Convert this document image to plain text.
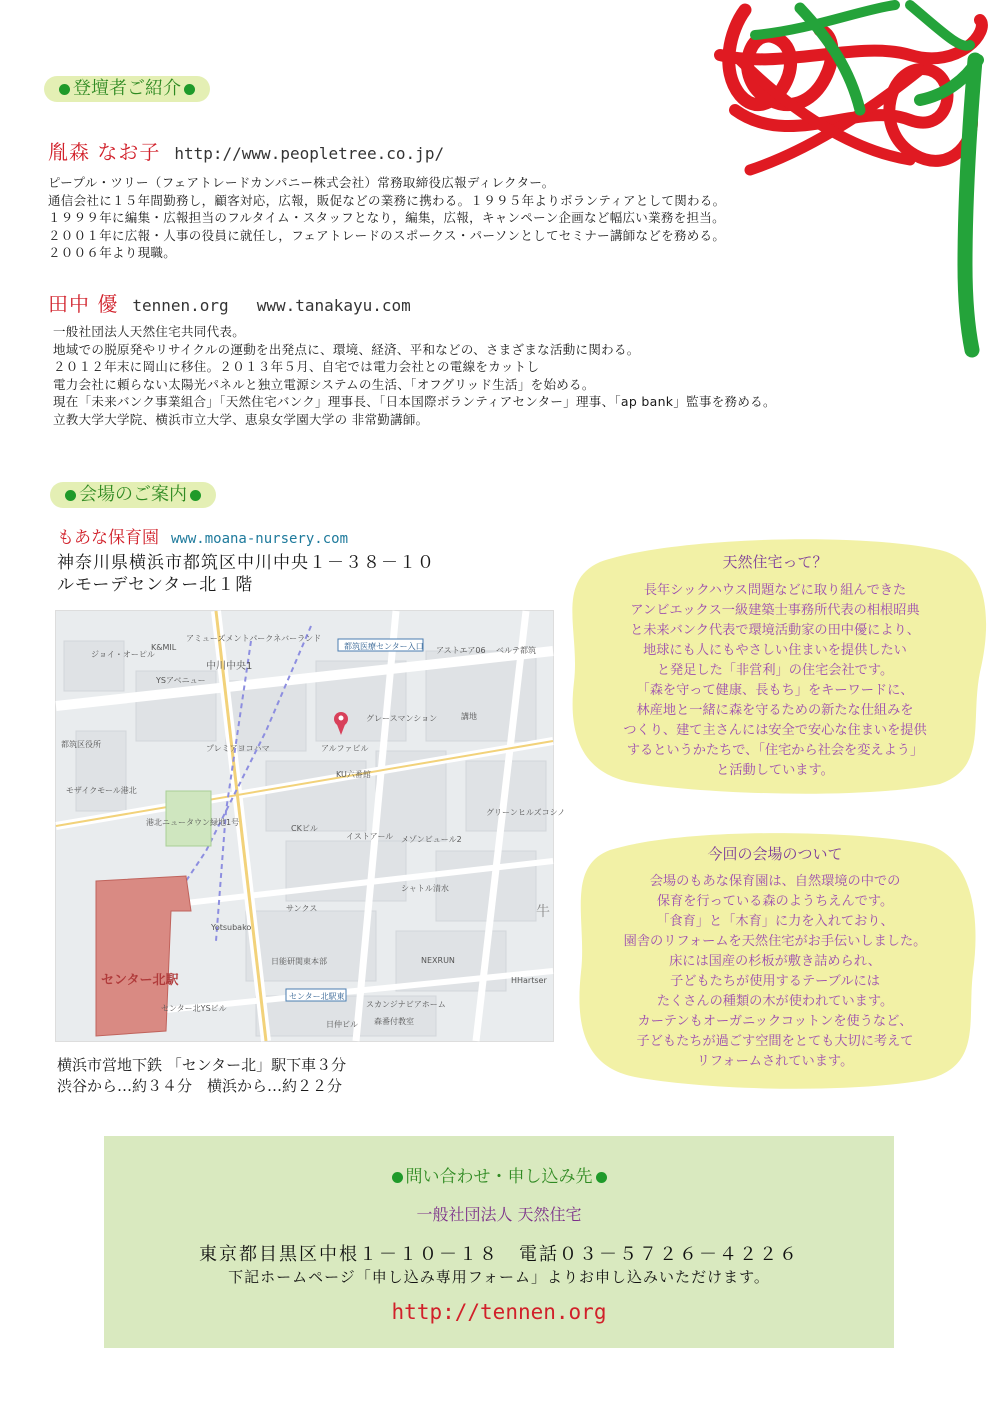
登壇者ご紹介
胤森 なお子 http://www.peopletree.co.jp/
ピープル・ツリー（フェアトレードカンパニー株式会社）常務取締役広報ディレクター。
通信会社に１５年間勤務し，顧客対応，広報，販促などの業務に携わる。１９９５年よりボランティアとして関わる。
１９９９年に編集・広報担当のフルタイム・スタッフとなり，編集，広報，キャンペーン企画など幅広い業務を担当。
２００１年に広報・人事の役員に就任し，フェアトレードのスポークス・パーソンとしてセミナー講師などを務める。
２００６年より現職。
田中 優 tennen.org www.tanakayu.com
一般社団法人天然住宅共同代表。
地域での脱原発やリサイクルの運動を出発点に、環境、経済、平和などの、さまざまな活動に関わる。
２０１２年末に岡山に移住。２０１３年５月、自宅では電力会社との電線をカットし
電力会社に頼らない太陽光パネルと独立電源システムの生活、「オフグリッド生活」を始める。
現在「未来バンク事業組合」「天然住宅バンク」理事長、「日本国際ボランティアセンター」理事、「ap bank」監事を務める。
立教大学大学院、横浜市立大学、恵泉女学園大学の 非常勤講師。
会場のご案内
もあな保育園 www.moana-nursery.com
神奈川県横浜市都筑区中川中央１－３８－１０
ルモーデセンター北１階
アミューズメントパークネバーランド
ジョイ・オーピル
K&MIL
中川中央1
YSアベニュー
都筑区役所	プレミアヨコハマ
モザイクモール港北
港北ニュータウン緑地1号
都筑医療センター入口 アストエア06 ベルテ都筑
グレースマンション
アルファビル
KU六番館
CKビル
イストアール メゾンビュール2
グリーンヒルズコシノ
シャトル清水
サンクス
Yotsubako
日能研関東本部	NEXRUN
HHartser
センター北駅東
スカンジナビアホーム
森番付教室
日仲ビル
センター北YSビル
センター北駅
牛
講地
横浜市営地下鉄 「センター北」駅下車３分
渋谷から…約３４分　横浜から…約２２分
天然住宅って？
長年シックハウス問題などに取り組んできた
アンビエックス一級建築士事務所代表の相根昭典
と未来バンク代表で環境活動家の田中優により、
地球にも人にもやさしい住まいを提供したい
と発足した「非営利」の住宅会社です。
「森を守って健康、長もち」をキーワードに、
林産地と一緒に森を守るための新たな仕組みを
つくり、建て主さんには安全で安心な住まいを提供
するというかたちで、「住宅から社会を変えよう」
と活動しています。
今回の会場のついて
会場のもあな保育園は、自然環境の中での
保育を行っている森のようちえんです。
「食育」と「木育」に力を入れており、
園舎のリフォームを天然住宅がお手伝いしました。
床には国産の杉板が敷き詰められ、
子どもたちが使用するテーブルには
たくさんの種類の木が使われています。
カーテンもオーガニックコットンを使うなど、
子どもたちが過ごす空間をとても大切に考えて
リフォームされています。
問い合わせ・申し込み先
一般社団法人 天然住宅
東京都目黒区中根１－１０－１８　電話０３－５７２６－４２２６
下記ホームページ「申し込み専用フォーム」よりお申し込みいただけます。
http://tennen.org
